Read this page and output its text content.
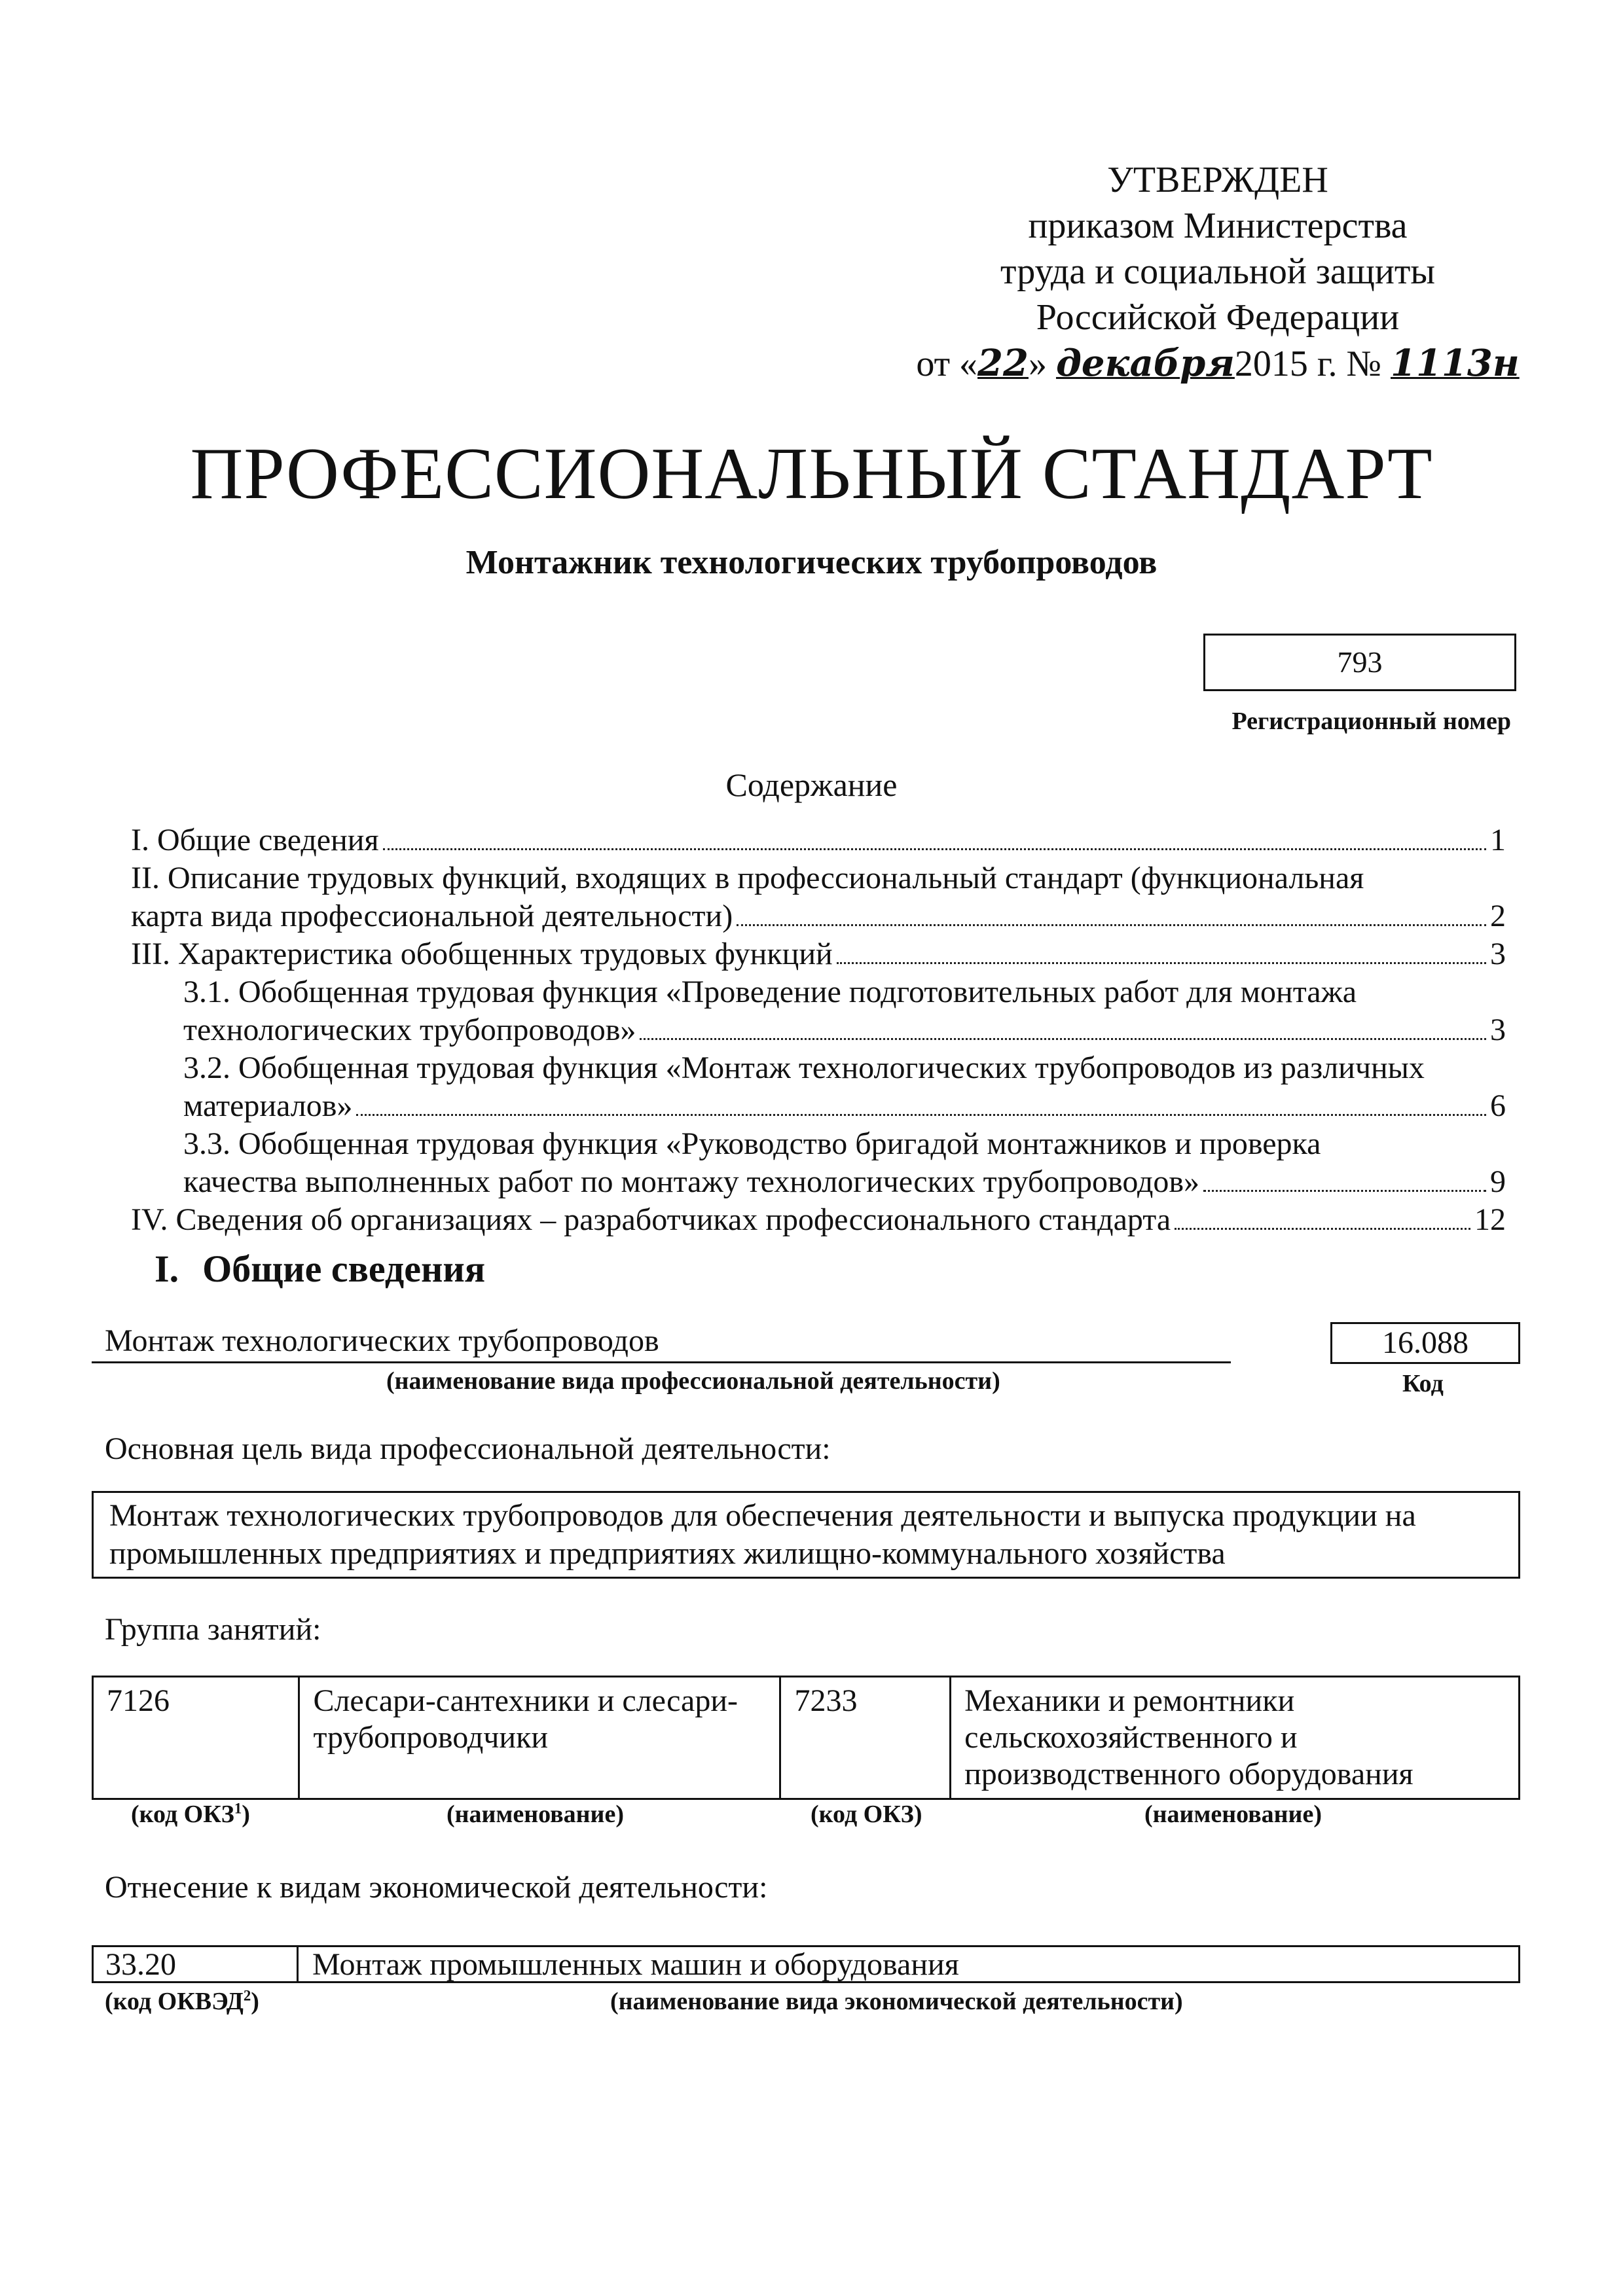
УТВЕРЖДЕН
приказом Министерства
труда и социальной защиты
Российской Федерации
от «22» декабря2015 г. № 1113н
ПРОФЕССИОНАЛЬНЫЙ СТАНДАРТ
Монтажник технологических трубопроводов
793
Регистрационный номер
Содержание
I. Общие сведения	1
II. Описание трудовых функций, входящих в профессиональный стандарт (функциональная
карта вида профессиональной деятельности)	2
III. Характеристика обобщенных трудовых функций	3
3.1. Обобщенная трудовая функция «Проведение подготовительных работ для монтажа
технологических трубопроводов»	3
3.2. Обобщенная трудовая функция «Монтаж технологических трубопроводов из различных
материалов»	6
3.3. Обобщенная трудовая функция «Руководство бригадой монтажников и проверка
качества выполненных работ по монтажу технологических трубопроводов»	9
IV. Сведения об организациях – разработчиках профессионального стандарта	12
I. Общие сведения
Монтаж технологических трубопроводов	16.088
(наименование вида профессиональной деятельности)	Код
Основная цель вида профессиональной деятельности:
Монтаж технологических трубопроводов для обеспечения деятельности и выпуска продукции на промышленных предприятиях и предприятиях жилищно-коммунального хозяйства
Группа занятий:
7126	Слесари-сантехники и слесари-трубопроводчики	7233	Механики и ремонтники сельскохозяйственного и производственного оборудования
(код ОКЗ$^1$)	(наименование)	(код ОКЗ)	(наименование)
Отнесение к видам экономической деятельности:
33.20	Монтаж промышленных машин и оборудования
(код ОКВЭД$^2$)	(наименование вида экономической деятельности)
